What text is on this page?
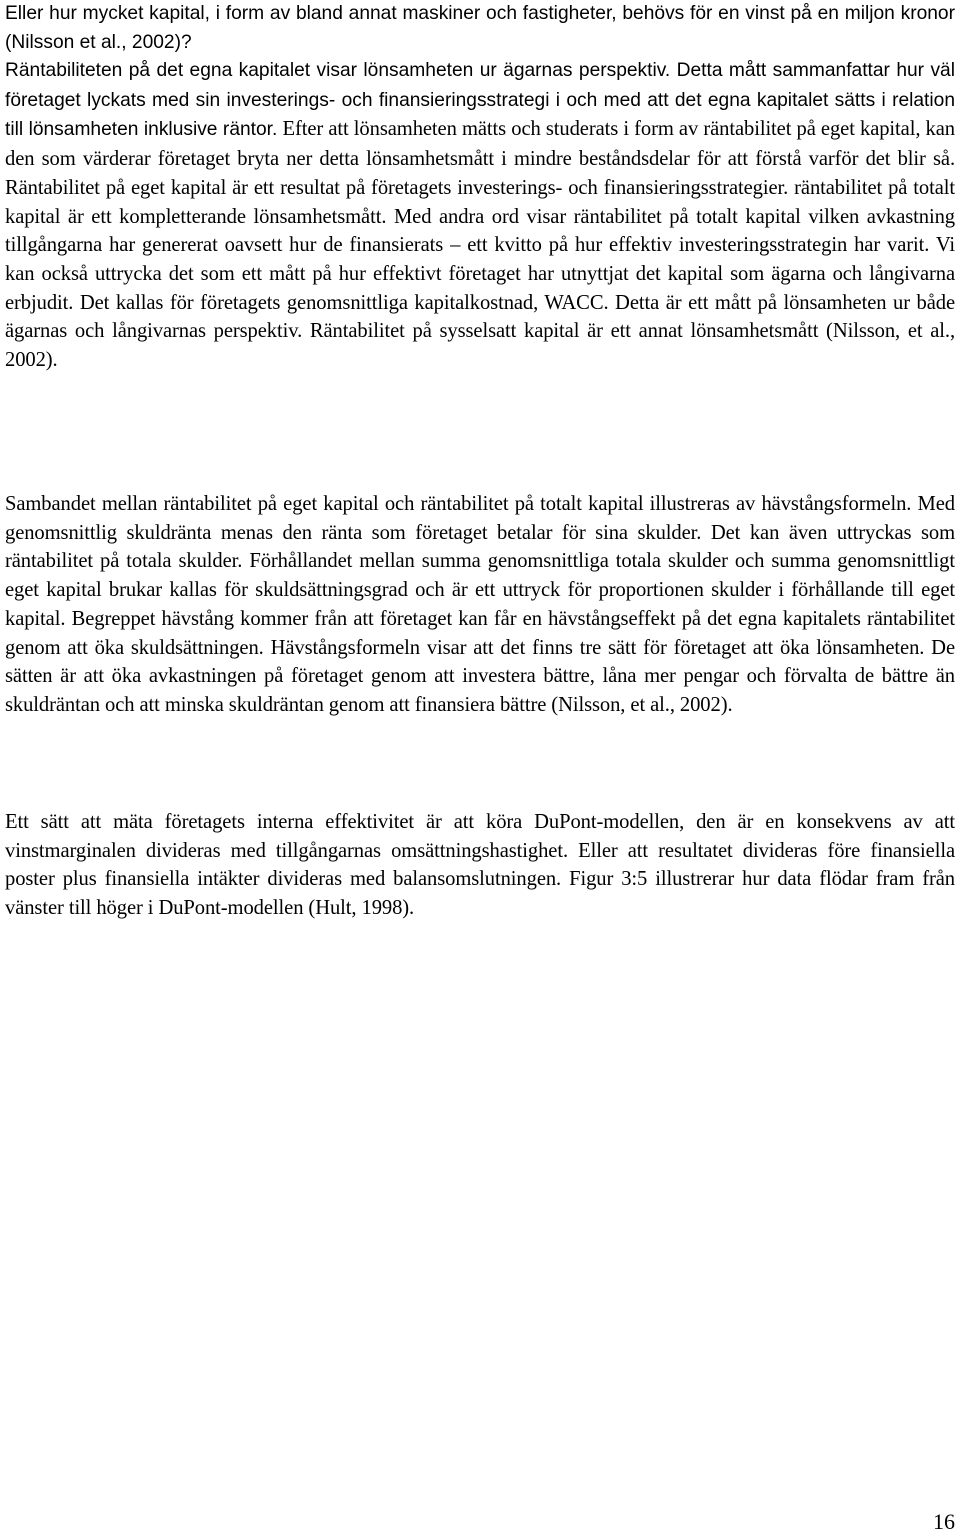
Eller hur mycket kapital, i form av bland annat maskiner och fastigheter, behövs för en vinst på en miljon kronor (Nilsson et al., 2002)?

Räntabiliteten på det egna kapitalet visar lönsamheten ur ägarnas perspektiv. Detta mått sammanfattar hur väl företaget lyckats med sin investerings- och finansieringsstrategi i och med att det egna kapitalet sätts i relation till lönsamheten inklusive räntor. Efter att lönsamheten mätts och studerats i form av räntabilitet på eget kapital, kan den som värderar företaget bryta ner detta lönsamhetsmått i mindre beståndsdelar för att förstå varför det blir så. Räntabilitet på eget kapital är ett resultat på företagets investerings- och finansieringsstrategier. räntabilitet på totalt kapital är ett kompletterande lönsamhetsmått. Med andra ord visar räntabilitet på totalt kapital vilken avkastning tillgångarna har genererat oavsett hur de finansierats – ett kvitto på hur effektiv investeringsstrategin har varit. Vi kan också uttrycka det som ett mått på hur effektivt företaget har utnyttjat det kapital som ägarna och långivarna erbjudit. Det kallas för företagets genomsnittliga kapitalkostnad, WACC. Detta är ett mått på lönsamheten ur både ägarnas och långivarnas perspektiv. Räntabilitet på sysselsatt kapital är ett annat lönsamhetsmått (Nilsson, et al., 2002).

Sambandet mellan räntabilitet på eget kapital och räntabilitet på totalt kapital illustreras av hävstångsformeln. Med genomsnittlig skuldränta menas den ränta som företaget betalar för sina skulder. Det kan även uttryckas som räntabilitet på totala skulder. Förhållandet mellan summa genomsnittliga totala skulder och summa genomsnittligt eget kapital brukar kallas för skuldsättningsgrad och är ett uttryck för proportionen skulder i förhållande till eget kapital. Begreppet hävstång kommer från att företaget kan får en hävstångseffekt på det egna kapitalets räntabilitet genom att öka skuldsättningen. Hävstångsformeln visar att det finns tre sätt för företaget att öka lönsamheten. De sätten är att öka avkastningen på företaget genom att investera bättre, låna mer pengar och förvalta de bättre än skuldräntan och att minska skuldräntan genom att finansiera bättre (Nilsson, et al., 2002).

Ett sätt att mäta företagets interna effektivitet är att köra DuPont-modellen, den är en konsekvens av att vinstmarginalen divideras med tillgångarnas omsättningshastighet. Eller att resultatet divideras före finansiella poster plus finansiella intäkter divideras med balansomslutningen. Figur 3:5 illustrerar hur data flödar fram från vänster till höger i DuPont-modellen (Hult, 1998).

16
